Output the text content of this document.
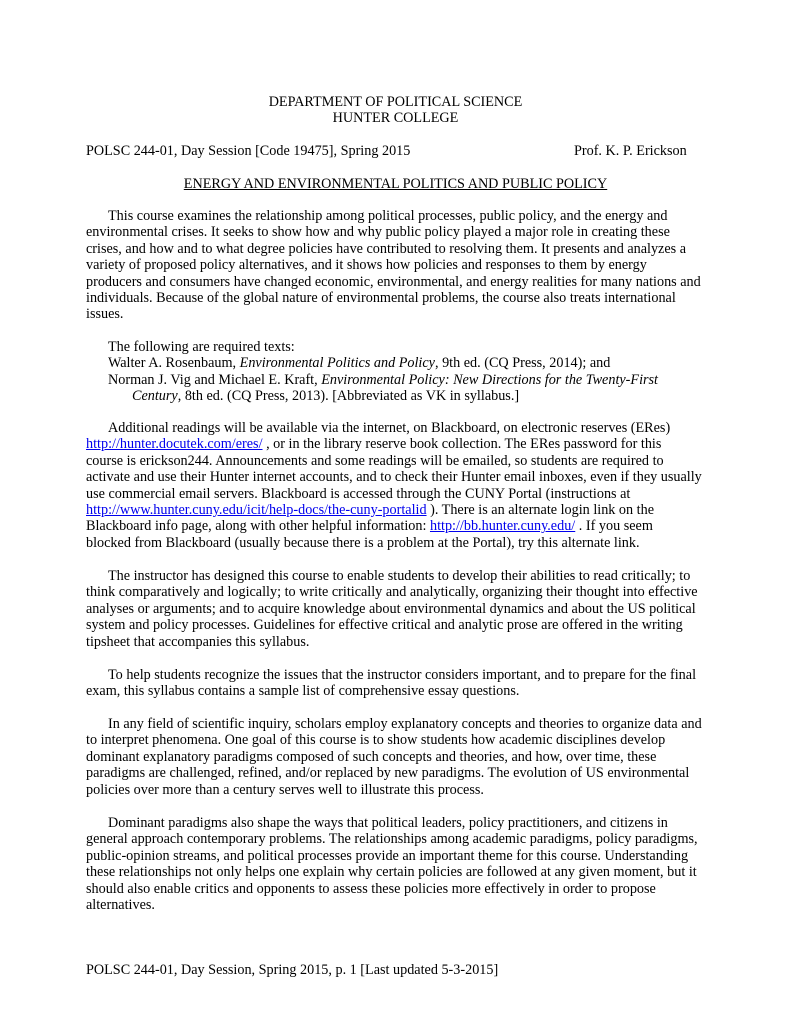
DEPARTMENT OF POLITICAL SCIENCE
HUNTER COLLEGE
POLSC 244-01, Day Session [Code 19475], Spring 2015	Prof. K. P. Erickson
ENERGY AND ENVIRONMENTAL POLITICS AND PUBLIC POLICY
This course examines the relationship among political processes, public policy, and the energy and
environmental crises. It seeks to show how and why public policy played a major role in creating these
crises, and how and to what degree policies have contributed to resolving them. It presents and analyzes a
variety of proposed policy alternatives, and it shows how policies and responses to them by energy
producers and consumers have changed economic, environmental, and energy realities for many nations and
individuals. Because of the global nature of environmental problems, the course also treats international
issues.
The following are required texts:
Walter A. Rosenbaum, Environmental Politics and Policy, 9th ed. (CQ Press, 2014); and
Norman J. Vig and Michael E. Kraft, Environmental Policy: New Directions for the Twenty-First
Century, 8th ed. (CQ Press, 2013). [Abbreviated as VK in syllabus.]
Additional readings will be available via the internet, on Blackboard, on electronic reserves (ERes)
http://hunter.docutek.com/eres/ , or in the library reserve book collection. The ERes password for this
course is erickson244. Announcements and some readings will be emailed, so students are required to
activate and use their Hunter internet accounts, and to check their Hunter email inboxes, even if they usually
use commercial email servers. Blackboard is accessed through the CUNY Portal (instructions at
http://www.hunter.cuny.edu/icit/help-docs/the-cuny-portalid ). There is an alternate login link on the
Blackboard info page, along with other helpful information: http://bb.hunter.cuny.edu/ . If you seem
blocked from Blackboard (usually because there is a problem at the Portal), try this alternate link.
The instructor has designed this course to enable students to develop their abilities to read critically; to
think comparatively and logically; to write critically and analytically, organizing their thought into effective
analyses or arguments; and to acquire knowledge about environmental dynamics and about the US political
system and policy processes. Guidelines for effective critical and analytic prose are offered in the writing
tipsheet that accompanies this syllabus.
To help students recognize the issues that the instructor considers important, and to prepare for the final
exam, this syllabus contains a sample list of comprehensive essay questions.
In any field of scientific inquiry, scholars employ explanatory concepts and theories to organize data and
to interpret phenomena. One goal of this course is to show students how academic disciplines develop
dominant explanatory paradigms composed of such concepts and theories, and how, over time, these
paradigms are challenged, refined, and/or replaced by new paradigms. The evolution of US environmental
policies over more than a century serves well to illustrate this process.
Dominant paradigms also shape the ways that political leaders, policy practitioners, and citizens in
general approach contemporary problems. The relationships among academic paradigms, policy paradigms,
public-opinion streams, and political processes provide an important theme for this course. Understanding
these relationships not only helps one explain why certain policies are followed at any given moment, but it
should also enable critics and opponents to assess these policies more effectively in order to propose
alternatives.
POLSC 244-01, Day Session, Spring 2015, p. 1 [Last updated 5-3-2015]
